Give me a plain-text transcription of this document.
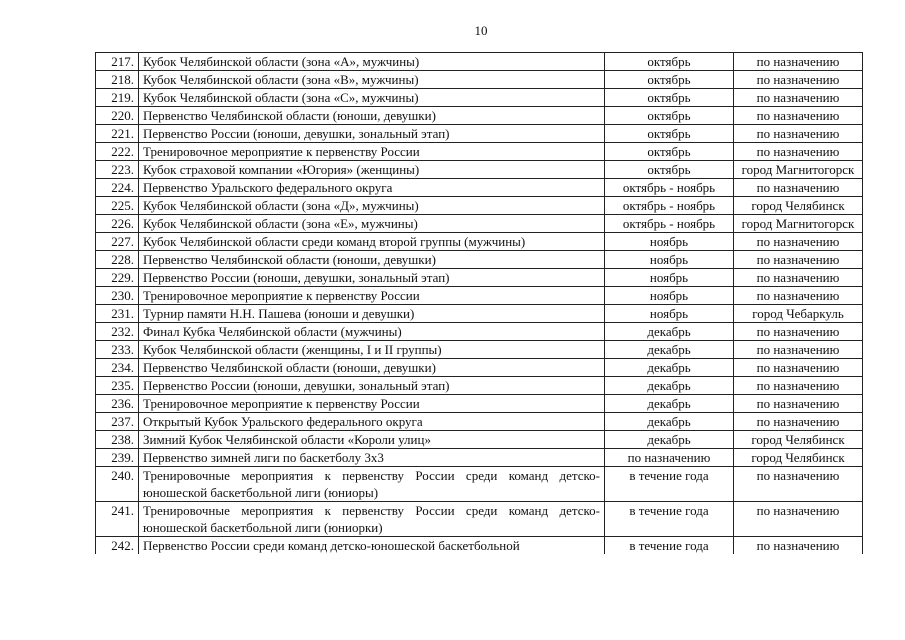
10
217.	Кубок Челябинской области (зона «А», мужчины)	октябрь	по назначению
218.	Кубок Челябинской области (зона «В», мужчины)	октябрь	по назначению
219.	Кубок Челябинской области (зона «С», мужчины)	октябрь	по назначению
220.	Первенство Челябинской области (юноши, девушки)	октябрь	по назначению
221.	Первенство России (юноши, девушки, зональный этап)	октябрь	по назначению
222.	Тренировочное мероприятие к первенству России	октябрь	по назначению
223.	Кубок страховой компании «Югория» (женщины)	октябрь	город Магнитогорск
224.	Первенство Уральского федерального округа	октябрь - ноябрь	по назначению
225.	Кубок Челябинской области (зона «Д», мужчины)	октябрь - ноябрь	город Челябинск
226.	Кубок Челябинской области (зона «Е», мужчины)	октябрь - ноябрь	город Магнитогорск
227.	Кубок Челябинской области среди команд второй группы (мужчины)	ноябрь	по назначению
228.	Первенство Челябинской области (юноши, девушки)	ноябрь	по назначению
229.	Первенство России (юноши, девушки, зональный этап)	ноябрь	по назначению
230.	Тренировочное мероприятие к первенству России	ноябрь	по назначению
231.	Турнир памяти Н.Н. Пашева (юноши и девушки)	ноябрь	город Чебаркуль
232.	Финал Кубка Челябинской области (мужчины)	декабрь	по назначению
233.	Кубок Челябинской области (женщины, I и II группы)	декабрь	по назначению
234.	Первенство Челябинской области (юноши, девушки)	декабрь	по назначению
235.	Первенство России (юноши, девушки, зональный этап)	декабрь	по назначению
236.	Тренировочное мероприятие к первенству России	декабрь	по назначению
237.	Открытый Кубок Уральского федерального округа	декабрь	по назначению
238.	Зимний Кубок Челябинской области «Короли улиц»	декабрь	город Челябинск
239.	Первенство зимней лиги по баскетболу 3х3	по назначению	город Челябинск
240.	Тренировочные мероприятия к первенству России среди команд детско-юношеской баскетбольной лиги (юниоры)	в течение года	по назначению
241.	Тренировочные мероприятия к первенству России среди команд детско-юношеской баскетбольной лиги (юниорки)	в течение года	по назначению
242.	Первенство России среди команд детско-юношеской баскетбольной	в течение года	по назначению
